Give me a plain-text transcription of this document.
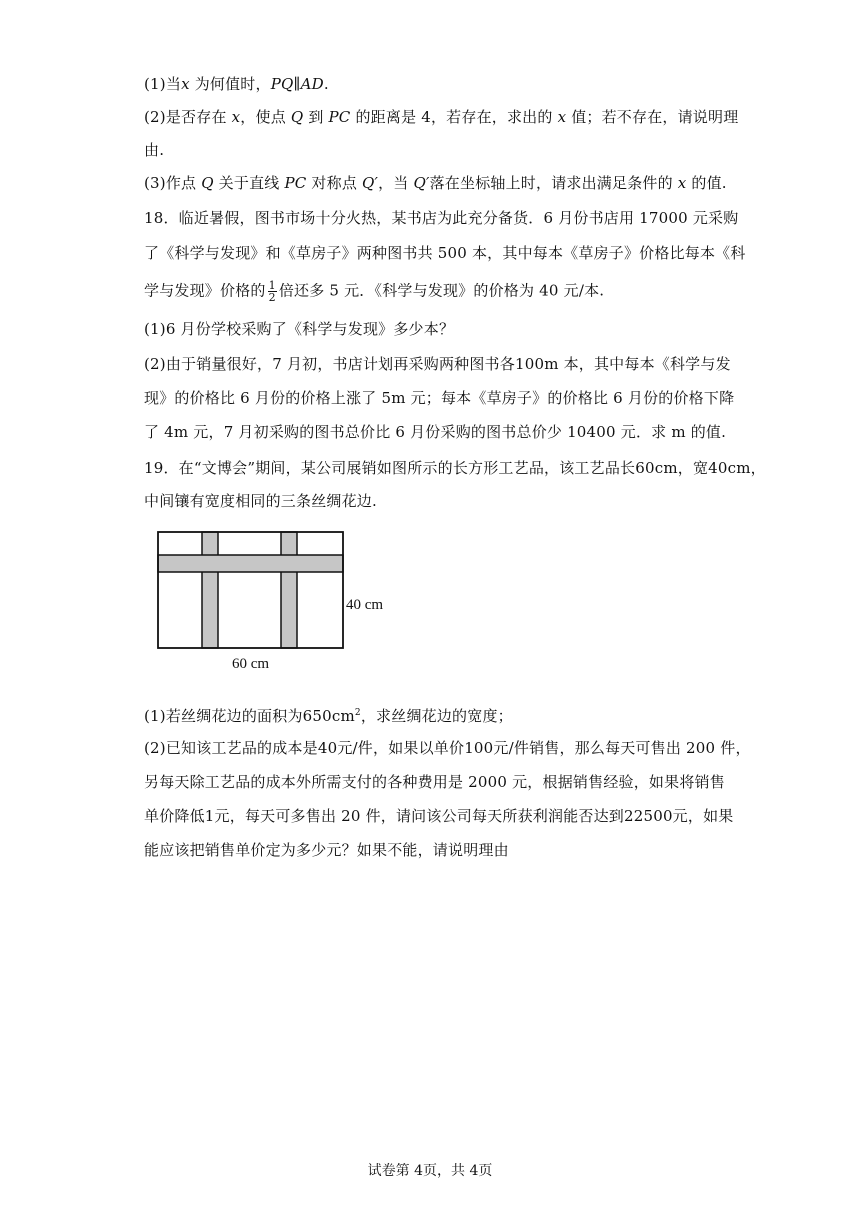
(1)当x 为何值时，PQ∥AD.
(2)是否存在 x，使点 Q 到 PC 的距离是 4，若存在，求出的 x 值；若不存在，请说明理
由.
(3)作点 Q 关于直线 PC 对称点 Q′，当 Q′落在坐标轴上时，请求出满足条件的 x 的值.
18．临近暑假，图书市场十分火热，某书店为此充分备货．6 月份书店用 17000 元采购
了《科学与发现》和《草房子》两种图书共 500 本，其中每本《草房子》价格比每本《科
学与发现》价格的 $\frac{1}{2}$ 倍还多 5 元．《科学与发现》的价格为 40 元/本.
(1)6 月份学校采购了《科学与发现》多少本？
(2)由于销量很好，7 月初，书店计划再采购两种图书各100m 本，其中每本《科学与发
现》的价格比 6 月份的价格上涨了 5m 元；每本《草房子》的价格比 6 月份的价格下降
了 4m 元，7 月初采购的图书总价比 6 月份采购的图书总价少 10400 元．求 m 的值.
19．在“文博会”期间，某公司展销如图所示的长方形工艺品，该工艺品长60cm，宽40cm，
中间镶有宽度相同的三条丝绸花边.
40 cm
60 cm
(1)若丝绸花边的面积为$650cm^2$，求丝绸花边的宽度；
(2)已知该工艺品的成本是40元/件，如果以单价100元/件销售，那么每天可售出 200 件，
另每天除工艺品的成本外所需支付的各种费用是 2000 元，根据销售经验，如果将销售
单价降低1元，每天可多售出 20 件，请问该公司每天所获利润能否达到22500元，如果
能应该把销售单价定为多少元？如果不能，请说明理由
试卷第 4页，共 4页
